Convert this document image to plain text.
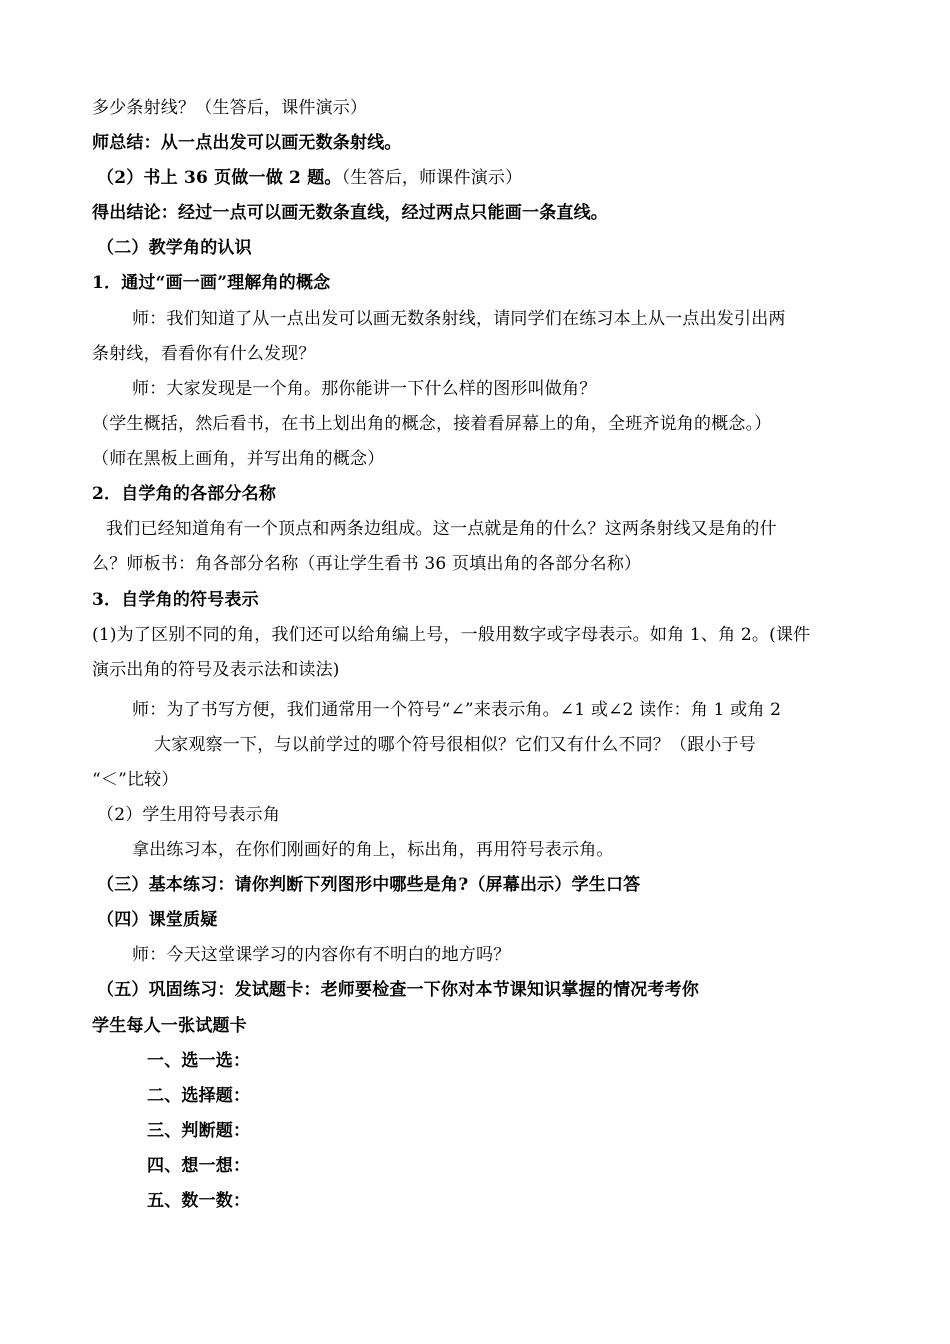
多少条射线？（生答后，课件演示）
师总结：从一点出发可以画无数条射线。
（2）书上 36 页做一做 2 题。（生答后，师课件演示）
得出结论：经过一点可以画无数条直线，经过两点只能画一条直线。
（二）教学角的认识
1．通过“画一画”理解角的概念
师：我们知道了从一点出发可以画无数条射线，请同学们在练习本上从一点出发引出两
条射线，看看你有什么发现？
师：大家发现是一个角。那你能讲一下什么样的图形叫做角？
（学生概括，然后看书，在书上划出角的概念，接着看屏幕上的角，全班齐说角的概念。）
（师在黑板上画角，并写出角的概念）
2．自学角的各部分名称
我们已经知道角有一个顶点和两条边组成。这一点就是角的什么？这两条射线又是角的什
么？师板书：角各部分名称（再让学生看书 36 页填出角的各部分名称）
3．自学角的符号表示
(1)为了区别不同的角，我们还可以给角编上号，一般用数字或字母表示。如角 1、角 2。(课件
演示出角的符号及表示法和读法)
师：为了书写方便，我们通常用一个符号“∠”来表示角。∠1 或∠2 读作：角 1 或角 2
大家观察一下，与以前学过的哪个符号很相似？它们又有什么不同？（跟小于号
“＜”比较）
（2）学生用符号表示角
拿出练习本，在你们刚画好的角上，标出角，再用符号表示角。
（三）基本练习：请你判断下列图形中哪些是角?（屏幕出示）学生口答
（四）课堂质疑
师：今天这堂课学习的内容你有不明白的地方吗？
（五）巩固练习：发试题卡：老师要检查一下你对本节课知识掌握的情况考考你
学生每人一张试题卡
一、选一选：
二、选择题：
三、判断题：
四、想一想：
五、数一数：
